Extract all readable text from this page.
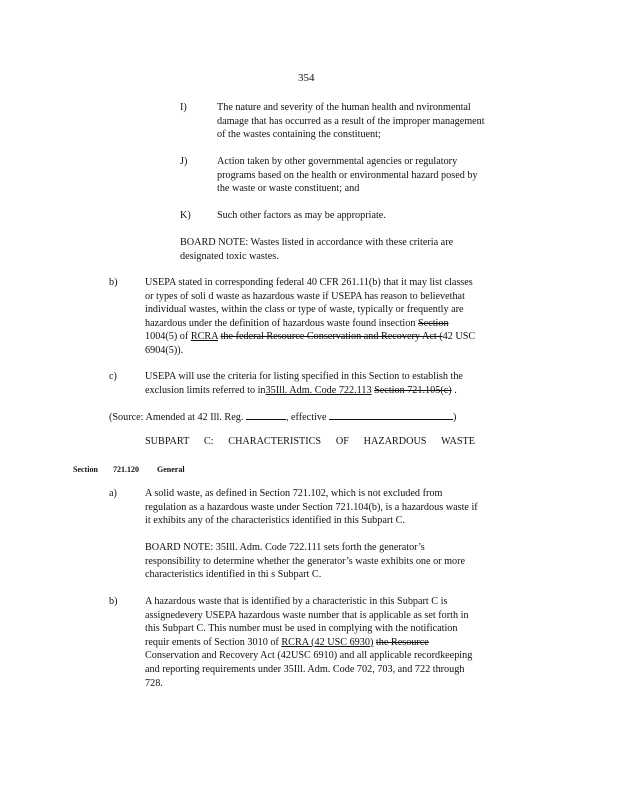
354
I)	The nature and severity of the human health and nvironmental
damage that has occurred as a result of the improper management
of the wastes containing the constituent;
J)	Action taken by other governmental agencies or regulatory
programs based on the health or environmental hazard posed by
the waste or waste constituent; and
K)	Such other factors as may be appropriate.
BOARD NOTE: Wastes listed in accordance with these criteria are
designated toxic wastes.
b)	USEPA stated in corresponding federal 40 CFR 261.11(b) that it may list classes
or types of soli d waste as hazardous waste if USEPA has reason to believethat
individual wastes, within the class or type of waste, typically or frequently are
hazardous under the definition of hazardous waste found insection Section
1004(5) of RCRA the federal Resource Conservation and Recovery Act (42 USC
6904(5)).
c)	USEPA will use the criteria for listing specified in this Section to establish the
exclusion limits referred to in35Ill. Adm. Code 722.113 Section 721.105(c) .
(Source: Amended at 42 Ill. Reg.	, effective	)
SUBPART C: CHARACTERISTICS OF HAZARDOUS WASTE
Section 721.120 General
a)	A solid waste, as defined in Section 721.102, which is not excluded from
regulation as a hazardous waste under Section 721.104(b), is a hazardous waste if
it exhibits any of the characteristics identified in this Subpart C.
BOARD NOTE: 35Ill. Adm. Code 722.111 sets forth the generator’s
responsibility to determine whether the generator’s waste exhibits one or more
characteristics identified in thi s Subpart C.
b)	A hazardous waste that is identified by a characteristic in this Subpart C is
assignedevery USEPA hazardous waste number that is applicable as set forth in
this Subpart C. This number must be used in complying with the notification
requir ements of Section 3010 of RCRA (42 USC 6930) the Resource
Conservation and Recovery Act (42USC 6910) and all applicable recordkeeping
and reporting requirements under 35Ill. Adm. Code 702, 703, and 722 through
728.
